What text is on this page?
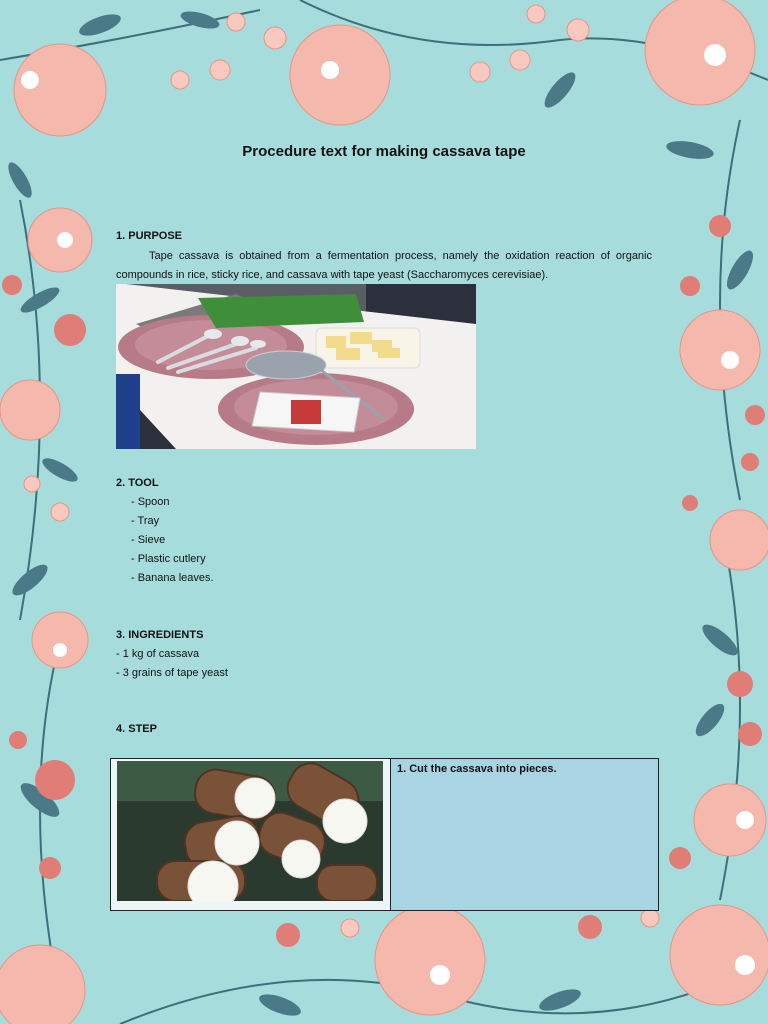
Procedure text for making cassava tape
1. PURPOSE
Tape cassava is obtained from a fermentation process, namely the oxidation reaction of organic compounds in rice, sticky rice, and cassava with tape yeast (Saccharomyces cerevisiae).
2. TOOL
- Spoon
- Tray
- Sieve
- Plastic cutlery
- Banana leaves.
3. INGREDIENTS
- 1 kg of cassava
- 3 grains of tape yeast
4. STEP
1. Cut the cassava into pieces.
